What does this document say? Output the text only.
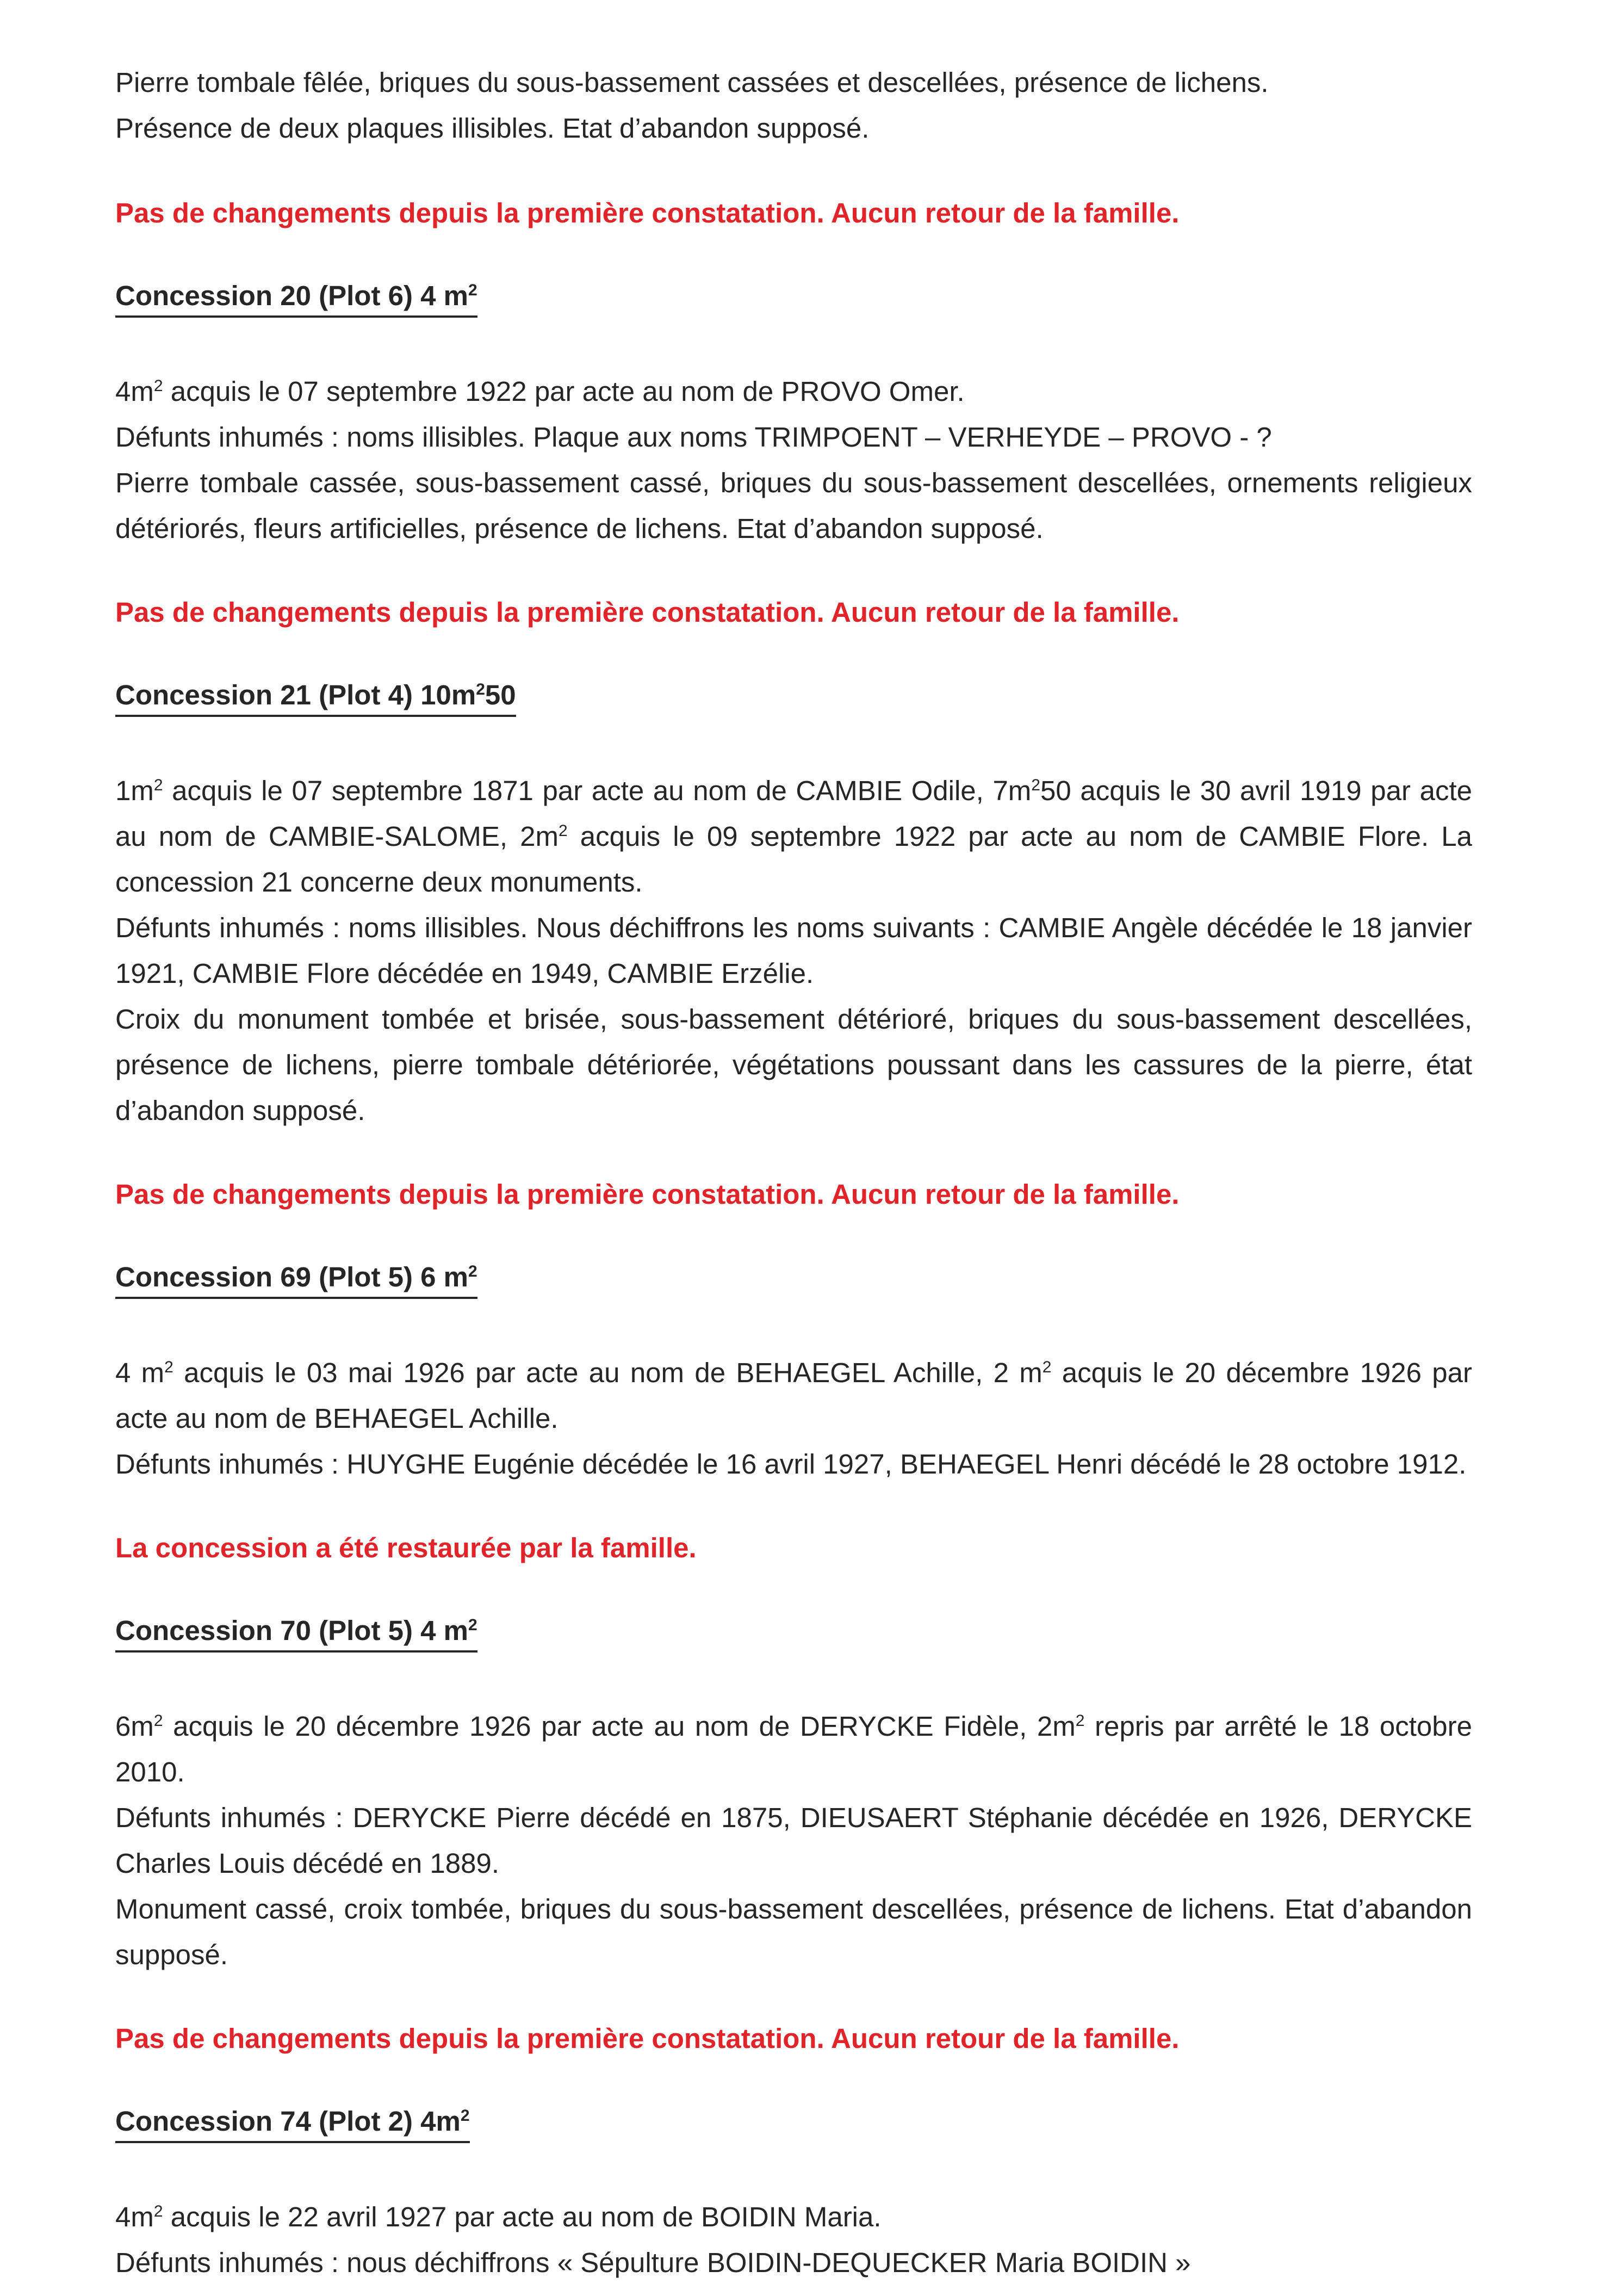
Pierre tombale fêlée, briques du sous-bassement cassées et descellées, présence de lichens.
Présence de deux plaques illisibles. Etat d’abandon supposé.

Pas de changements depuis la première constatation. Aucun retour de la famille.

Concession 20 (Plot 6) 4 $m^2$

$4m^2$ acquis le 07 septembre 1922 par acte au nom de PROVO Omer.

Défunts inhumés : noms illisibles. Plaque aux noms TRIMPOENT – VERHEYDE – PROVO - ?

Pierre tombale cassée, sous-bassement cassé, briques du sous-bassement descellées, ornements religieux détériorés, fleurs artificielles, présence de lichens. Etat d’abandon supposé.

Pas de changements depuis la première constatation. Aucun retour de la famille.

Concession 21 (Plot 4) $10m^250$

$1m^2$ acquis le 07 septembre 1871 par acte au nom de CAMBIE Odile, $7m^250$ acquis le 30 avril 1919 par acte au nom de CAMBIE-SALOME, $2m^2$ acquis le 09 septembre 1922 par acte au nom de CAMBIE Flore. La concession 21 concerne deux monuments.

Défunts inhumés : noms illisibles. Nous déchiffrons les noms suivants : CAMBIE Angèle décédée le 18 janvier 1921, CAMBIE Flore décédée en 1949, CAMBIE Erzélie.

Croix du monument tombée et brisée, sous-bassement détérioré, briques du sous-bassement descellées, présence de lichens, pierre tombale détériorée, végétations poussant dans les cassures de la pierre, état d’abandon supposé.

Pas de changements depuis la première constatation. Aucun retour de la famille.

Concession 69 (Plot 5) 6 $m^2$

4 $m^2$ acquis le 03 mai 1926 par acte au nom de BEHAEGEL Achille, 2 $m^2$ acquis le 20 décembre 1926 par acte au nom de BEHAEGEL Achille.

Défunts inhumés : HUYGHE Eugénie décédée le 16 avril 1927, BEHAEGEL Henri décédé le 28 octobre 1912.

La concession a été restaurée par la famille.

Concession 70 (Plot 5) 4 $m^2$

$6m^2$ acquis le 20 décembre 1926 par acte au nom de DERYCKE Fidèle, $2m^2$ repris par arrêté le 18 octobre 2010.

Défunts inhumés : DERYCKE Pierre décédé en 1875, DIEUSAERT Stéphanie décédée en 1926, DERYCKE Charles Louis décédé en 1889.

Monument cassé, croix tombée, briques du sous-bassement descellées, présence de lichens. Etat d’abandon supposé.

Pas de changements depuis la première constatation. Aucun retour de la famille.

Concession 74 (Plot 2) $4m^2$

$4m^2$ acquis le 22 avril 1927 par acte au nom de BOIDIN Maria.

Défunts inhumés : nous déchiffrons « Sépulture BOIDIN-DEQUECKER Maria BOIDIN »
